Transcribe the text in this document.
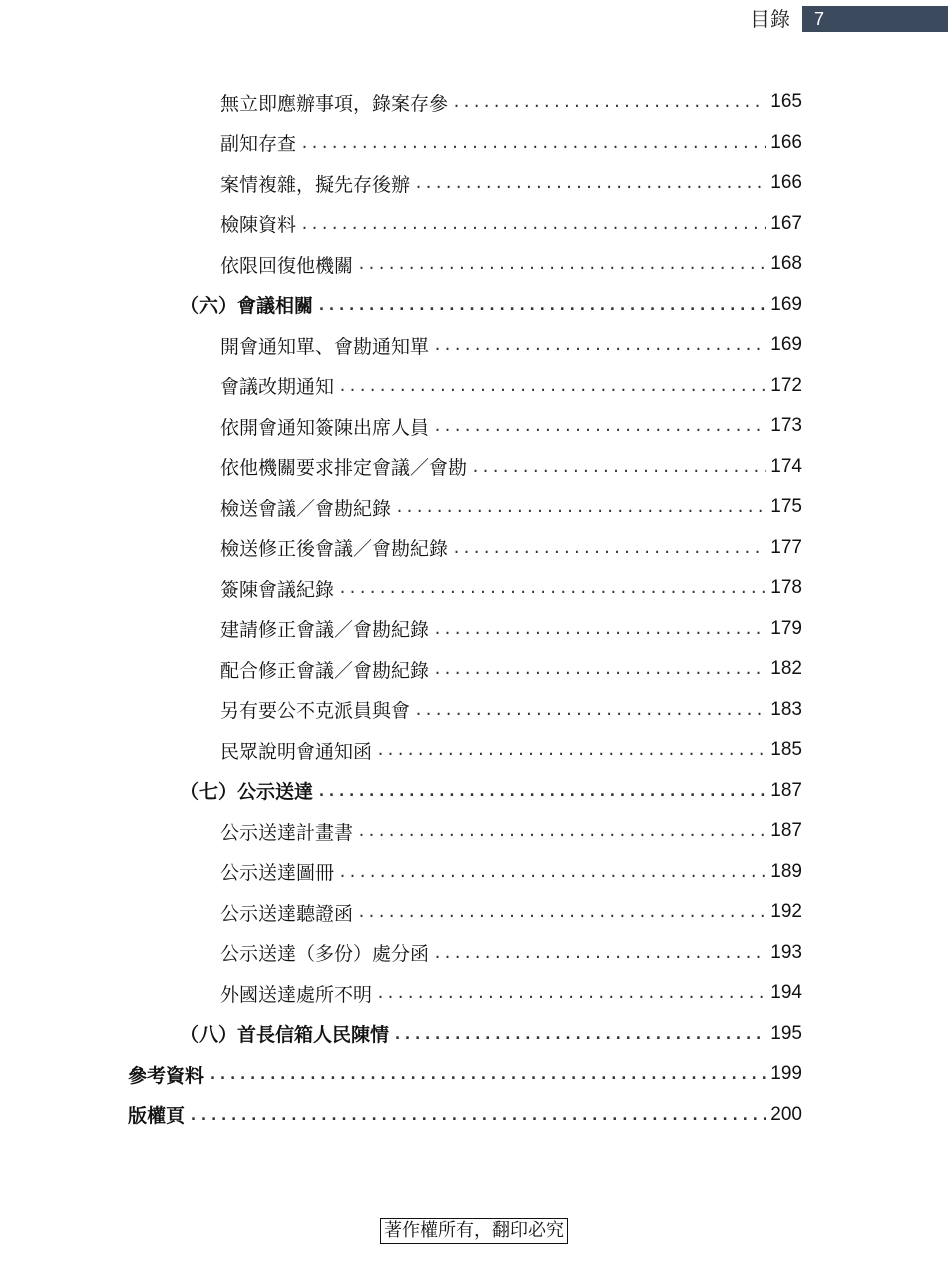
目錄	7
無立即應辦事項，錄案存參 .....	165
副知存查 .....	166
案情複雜，擬先存後辦 .....	166
檢陳資料 .....	167
依限回復他機關 .....	168
（六）會議相關 .....	169
開會通知單、會勘通知單 .....	169
會議改期通知 .....	172
依開會通知簽陳出席人員 .....	173
依他機關要求排定會議／會勘 .....	174
檢送會議／會勘紀錄 .....	175
檢送修正後會議／會勘紀錄 .....	177
簽陳會議紀錄 .....	178
建請修正會議／會勘紀錄 .....	179
配合修正會議／會勘紀錄 .....	182
另有要公不克派員與會 .....	183
民眾說明會通知函 .....	185
（七）公示送達 .....	187
公示送達計畫書 .....	187
公示送達圖冊 .....	189
公示送達聽證函 .....	192
公示送達（多份）處分函 .....	193
外國送達處所不明 .....	194
（八）首長信箱人民陳情 .....	195
參考資料 .....	199
版權頁 .....	200
著作權所有，翻印必究
